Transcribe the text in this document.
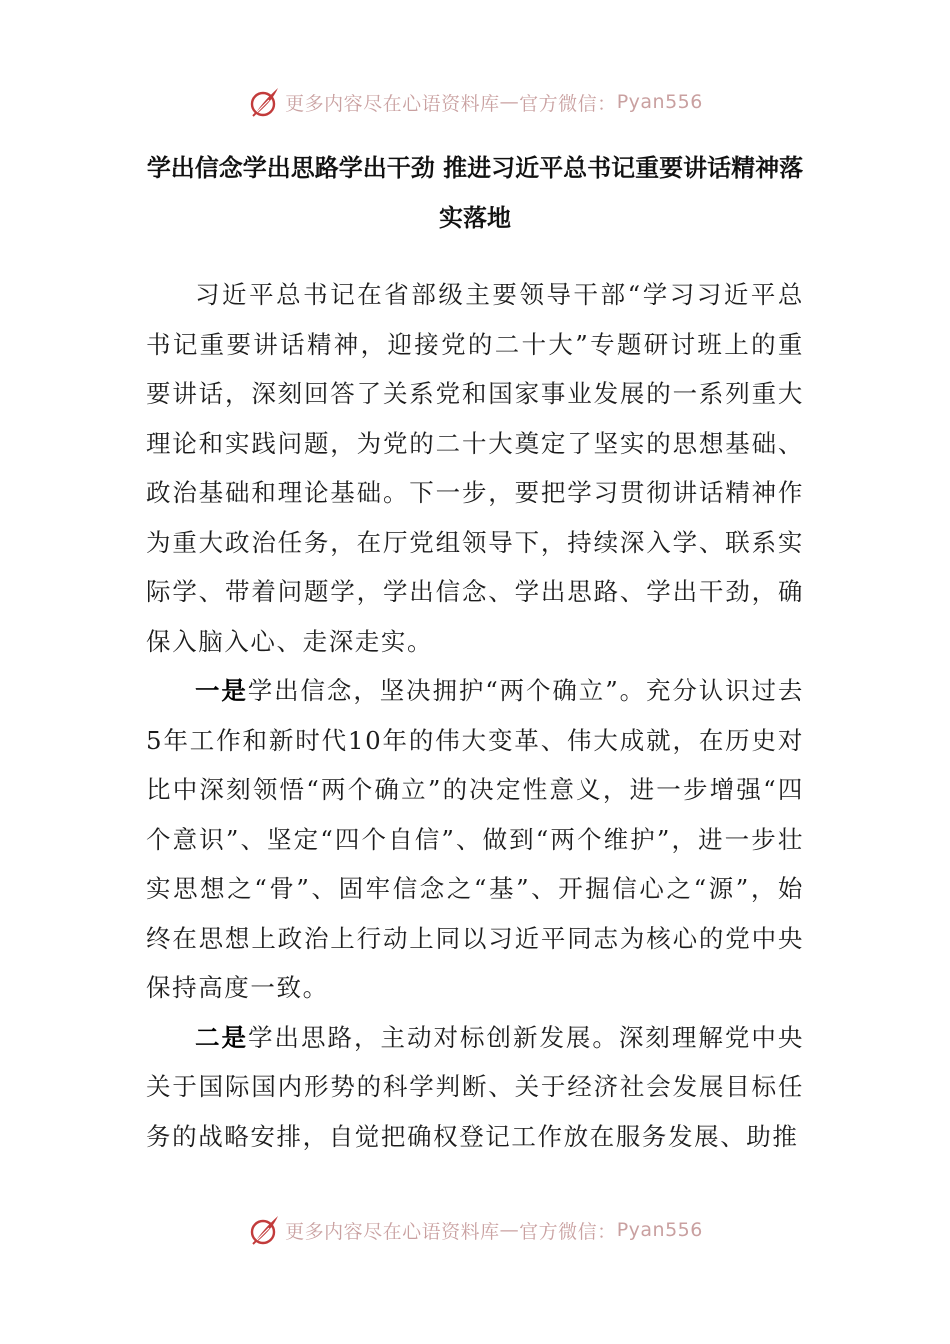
更多内容尽在心语资料库 — 官方微信： Pyan556
学出信念学出思路学出干劲 推进习近平总书记重要讲话精神落实落地

习近平总书记在省部级主要领导干部“学习习近平总书记重要讲话精神，迎接党的二十大”专题研讨班上的重要讲话，深刻回答了关系党和国家事业发展的一系列重大理论和实践问题，为党的二十大奠定了坚实的思想基础、政治基础和理论基础。下一步，要把学习贯彻讲话精神作为重大政治任务，在厅党组领导下，持续深入学、联系实际学、带着问题学，学出信念、学出思路、学出干劲，确保入脑入心、走深走实。

一是学出信念，坚决拥护“两个确立”。充分认识过去5年工作和新时代10年的伟大变革、伟大成就，在历史对比中深刻领悟“两个确立”的决定性意义，进一步增强“四个意识”、坚定“四个自信”、做到“两个维护”，进一步壮实思想之“骨”、固牢信念之“基”、开掘信心之“源”，始终在思想上政治上行动上同以习近平同志为核心的党中央保持高度一致。

二是学出思路，主动对标创新发展。深刻理解党中央关于国际国内形势的科学判断、关于经济社会发展目标任务的战略安排，自觉把确权登记工作放在服务发展、助推

更多内容尽在心语资料库 — 官方微信： Pyan556
